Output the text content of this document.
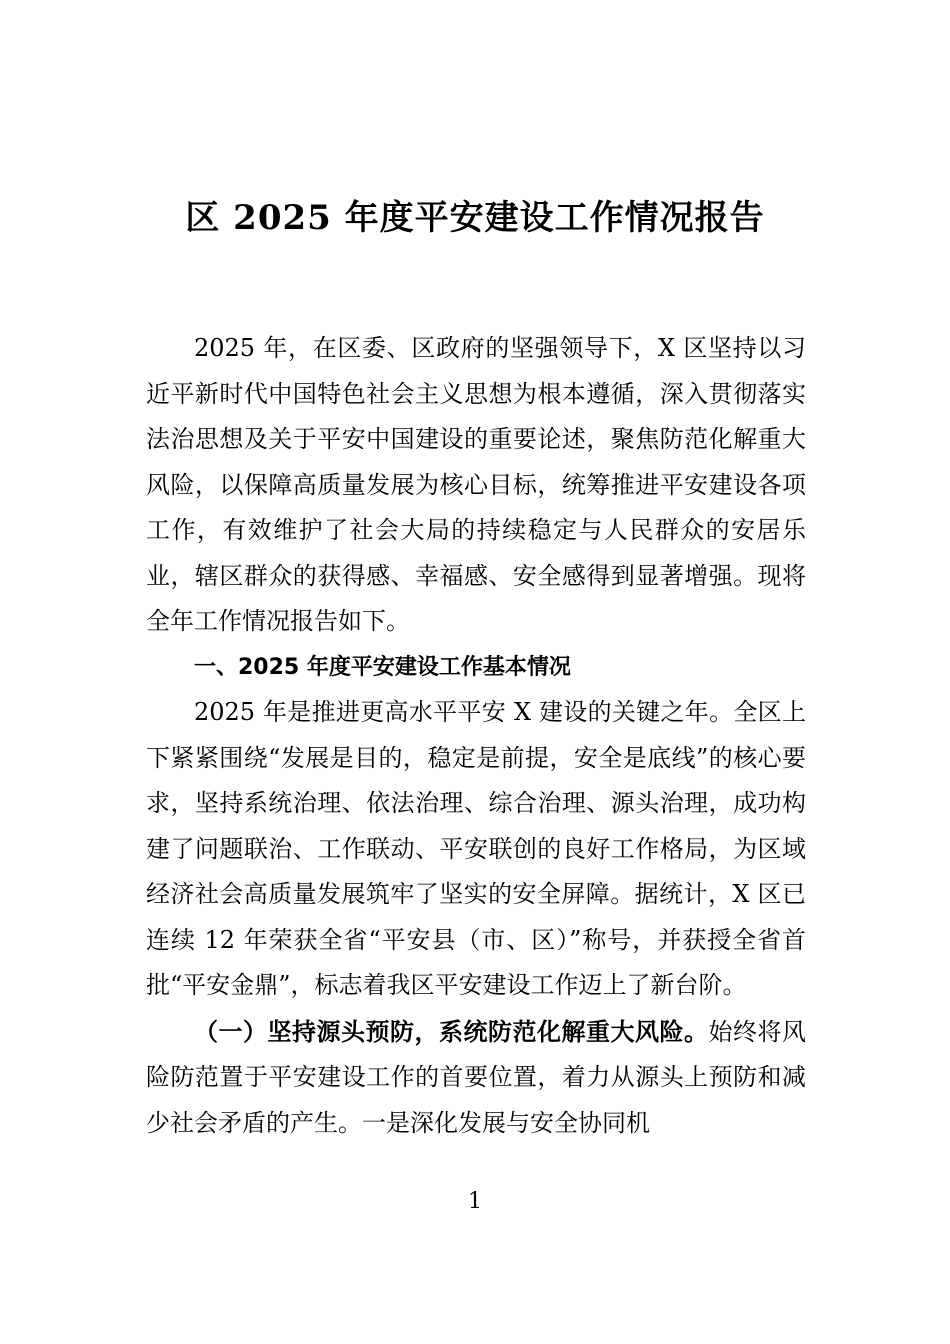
区 2025 年度平安建设工作情况报告

2025 年，在区委、区政府的坚强领导下，X 区坚持以习近平新时代中国特色社会主义思想为根本遵循，深入贯彻落实法治思想及关于平安中国建设的重要论述，聚焦防范化解重大风险，以保障高质量发展为核心目标，统筹推进平安建设各项工作，有效维护了社会大局的持续稳定与人民群众的安居乐业，辖区群众的获得感、幸福感、安全感得到显著增强。现将全年工作情况报告如下。

一、2025 年度平安建设工作基本情况

2025 年是推进更高水平平安 X 建设的关键之年。全区上下紧紧围绕“发展是目的，稳定是前提，安全是底线”的核心要求，坚持系统治理、依法治理、综合治理、源头治理，成功构建了问题联治、工作联动、平安联创的良好工作格局，为区域经济社会高质量发展筑牢了坚实的安全屏障。据统计，X 区已连续 12 年荣获全省“平安县（市、区）”称号，并获授全省首批“平安金鼎”，标志着我区平安建设工作迈上了新台阶。

（一）坚持源头预防，系统防范化解重大风险。始终将风险防范置于平安建设工作的首要位置，着力从源头上预防和减少社会矛盾的产生。一是深化发展与安全协同机

1
